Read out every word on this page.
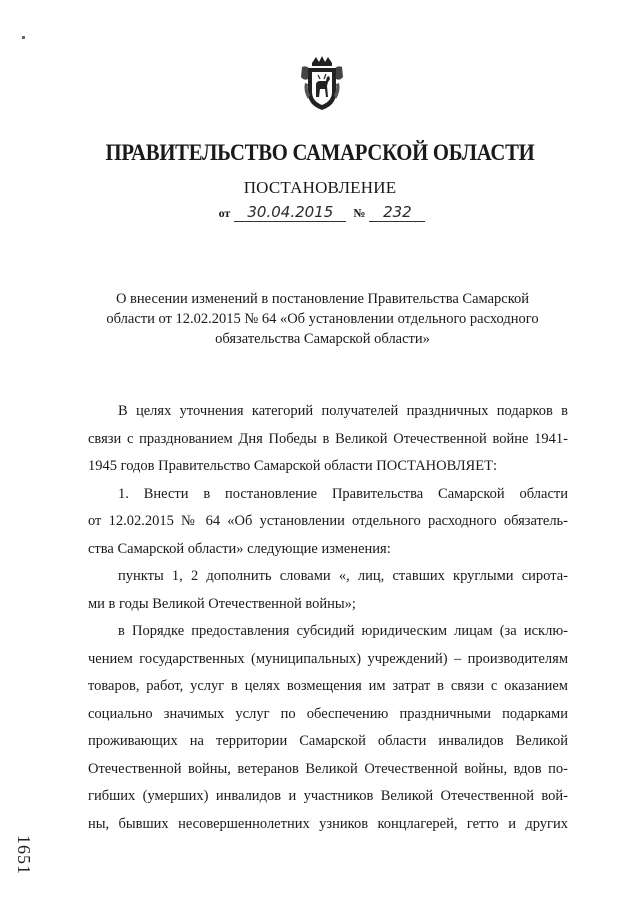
ПРАВИТЕЛЬСТВО САМАРСКОЙ ОБЛАСТИ
ПОСТАНОВЛЕНИЕ
от 30.04.2015 № 232
О внесении изменений в постановление Правительства Самарской области от 12.02.2015 № 64 «Об установлении отдельного расходного обязательства Самарской области»
В целях уточнения категорий получателей праздничных подарков в
связи с празднованием Дня Победы в Великой Отечественной войне 1941-
1945 годов Правительство Самарской области ПОСТАНОВЛЯЕТ:
1. Внести в постановление Правительства Самарской области
от 12.02.2015 № 64 «Об установлении отдельного расходного обязатель-
ства Самарской области» следующие изменения:
пункты 1, 2 дополнить словами «, лиц, ставших круглыми сирота-
ми в годы Великой Отечественной войны»;
в Порядке предоставления субсидий юридическим лицам (за исклю-
чением государственных (муниципальных) учреждений) – производителям
товаров, работ, услуг в целях возмещения им затрат в связи с оказанием
социально значимых услуг по обеспечению праздничными подарками
проживающих на территории Самарской области инвалидов Великой
Отечественной войны, ветеранов Великой Отечественной войны, вдов по-
гибших (умерших) инвалидов и участников Великой Отечественной вой-
ны, бывших несовершеннолетних узников концлагерей, гетто и других
1651
